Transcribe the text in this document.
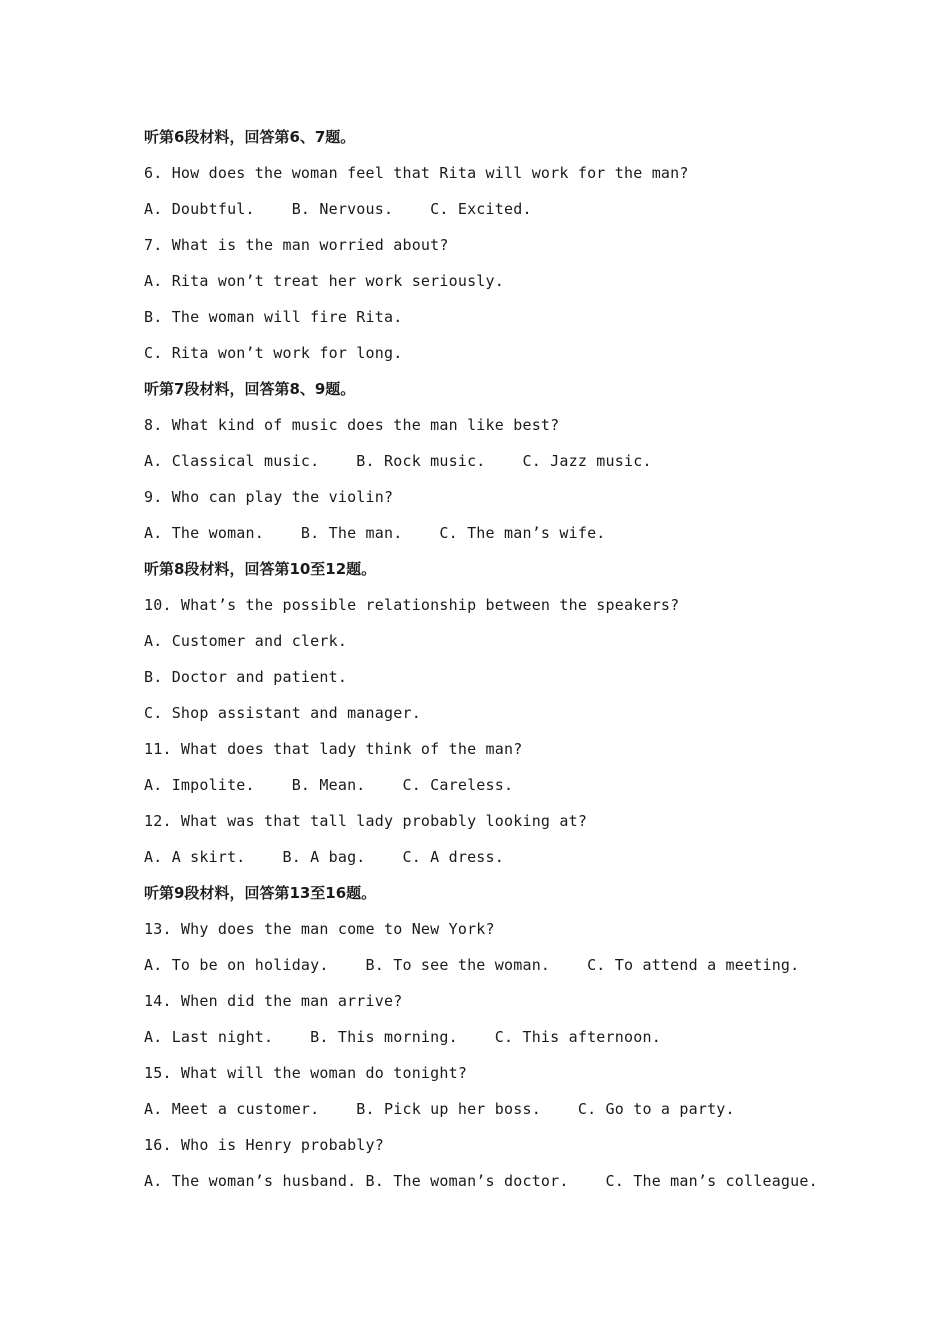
听第6段材料，回答第6、7题。
6. How does the woman feel that Rita will work for the man?
A. Doubtful.    B. Nervous.    C. Excited.
7. What is the man worried about?
A. Rita won’t treat her work seriously.
B. The woman will fire Rita.
C. Rita won’t work for long.
听第7段材料，回答第8、9题。
8. What kind of music does the man like best?
A. Classical music.    B. Rock music.    C. Jazz music.
9. Who can play the violin?
A. The woman.    B. The man.    C. The man’s wife.
听第8段材料，回答第10至12题。
10. What’s the possible relationship between the speakers?
A. Customer and clerk.
B. Doctor and patient.
C. Shop assistant and manager.
11. What does that lady think of the man?
A. Impolite.    B. Mean.    C. Careless.
12. What was that tall lady probably looking at?
A. A skirt.    B. A bag.    C. A dress.
听第9段材料，回答第13至16题。
13. Why does the man come to New York?
A. To be on holiday.    B. To see the woman.    C. To attend a meeting.
14. When did the man arrive?
A. Last night.    B. This morning.    C. This afternoon.
15. What will the woman do tonight?
A. Meet a customer.    B. Pick up her boss.    C. Go to a party.
16. Who is Henry probably?
A. The woman’s husband. B. The woman’s doctor.    C. The man’s colleague.
